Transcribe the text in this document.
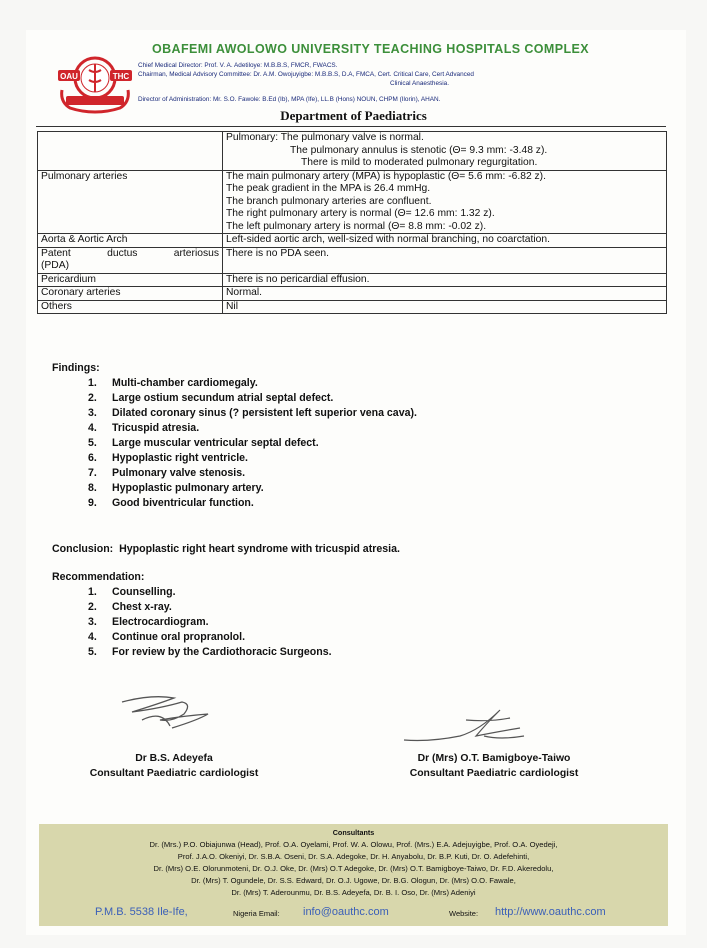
OAU	THC
OBAFEMI AWOLOWO UNIVERSITY TEACHING HOSPITALS COMPLEX
Chief Medical Director: Prof. V. A. Adetiloye: M.B.B.S, FMCR, FWACS.
Chairman, Medical Advisory Committee: Dr. A.M. Owojuyigbe: M.B.B.S, D.A, FMCA, Cert. Critical Care, Cert Advanced
Clinical Anaesthesia.
Director of Administration: Mr. S.O. Fawole: B.Ed (Ib), MPA (Ife), LL.B (Hons) NOUN, CHPM (Ilorin), AHAN.
Department of Paediatrics

	Pulmonary: The pulmonary valve is normal.
The pulmonary annulus is stenotic (Θ= 9.3 mm: -3.48 z).
There is mild to moderated pulmonary regurgitation.

Pulmonary arteries	The main pulmonary artery (MPA) is hypoplastic (Θ= 5.6 mm: -6.82 z).
The peak gradient in the MPA is 26.4 mmHg.
The branch pulmonary arteries are confluent.
The right pulmonary artery is normal (Θ= 12.6 mm: 1.32 z).
The left pulmonary artery is normal (Θ= 8.8 mm: -0.02 z).

Aorta & Aortic Arch	Left-sided aortic arch, well-sized with normal branching, no coarctation.

Patent ductus arteriosus
(PDA)	There is no PDA seen.
Pericardium	There is no pericardial effusion.
Coronary arteries	Normal.
Others	Nil
Findings:
1. Multi-chamber cardiomegaly.
2. Large ostium secundum atrial septal defect.
3. Dilated coronary sinus (? persistent left superior vena cava).
4. Tricuspid atresia.
5. Large muscular ventricular septal defect.
6. Hypoplastic right ventricle.
7. Pulmonary valve stenosis.
8. Hypoplastic pulmonary artery.
9. Good biventricular function.
Conclusion: Hypoplastic right heart syndrome with tricuspid atresia.
Recommendation:
1. Counselling.
2. Chest x-ray.
3. Electrocardiogram.
4. Continue oral propranolol.
5. For review by the Cardiothoracic Surgeons.
Dr B.S. Adeyefa
Consultant Paediatric cardiologist
Dr (Mrs) O.T. Bamigboye-Taiwo
Consultant Paediatric cardiologist
Consultants
Dr. (Mrs.) P.O. Obiajunwa (Head), Prof. O.A. Oyelami, Prof. W. A. Olowu, Prof. (Mrs.) E.A. Adejuyigbe, Prof. O.A. Oyedeji,
Prof. J.A.O. Okeniyi, Dr. S.B.A. Oseni, Dr. S.A. Adegoke, Dr. H. Anyabolu, Dr. B.P. Kuti, Dr. O. Adefehinti,
Dr. (Mrs) O.E. Olorunmoteni, Dr. O.J. Oke, Dr. (Mrs) O.T Adegoke, Dr. (Mrs) O.T. Bamigboye-Taiwo, Dr. F.D. Akeredolu,
Dr. (Mrs) T. Ogundele, Dr. S.S. Edward, Dr. O.J. Ugowe, Dr. B.G. Ologun, Dr. (Mrs) O.O. Fawale,
Dr. (Mrs) T. Aderounmu, Dr. B.S. Adeyefa, Dr. B. I. Oso, Dr. (Mrs) Adeniyi
P.M.B. 5538 Ile-Ife,	Nigeria Email: info@oauthc.com	Website: http://www.oauthc.com
